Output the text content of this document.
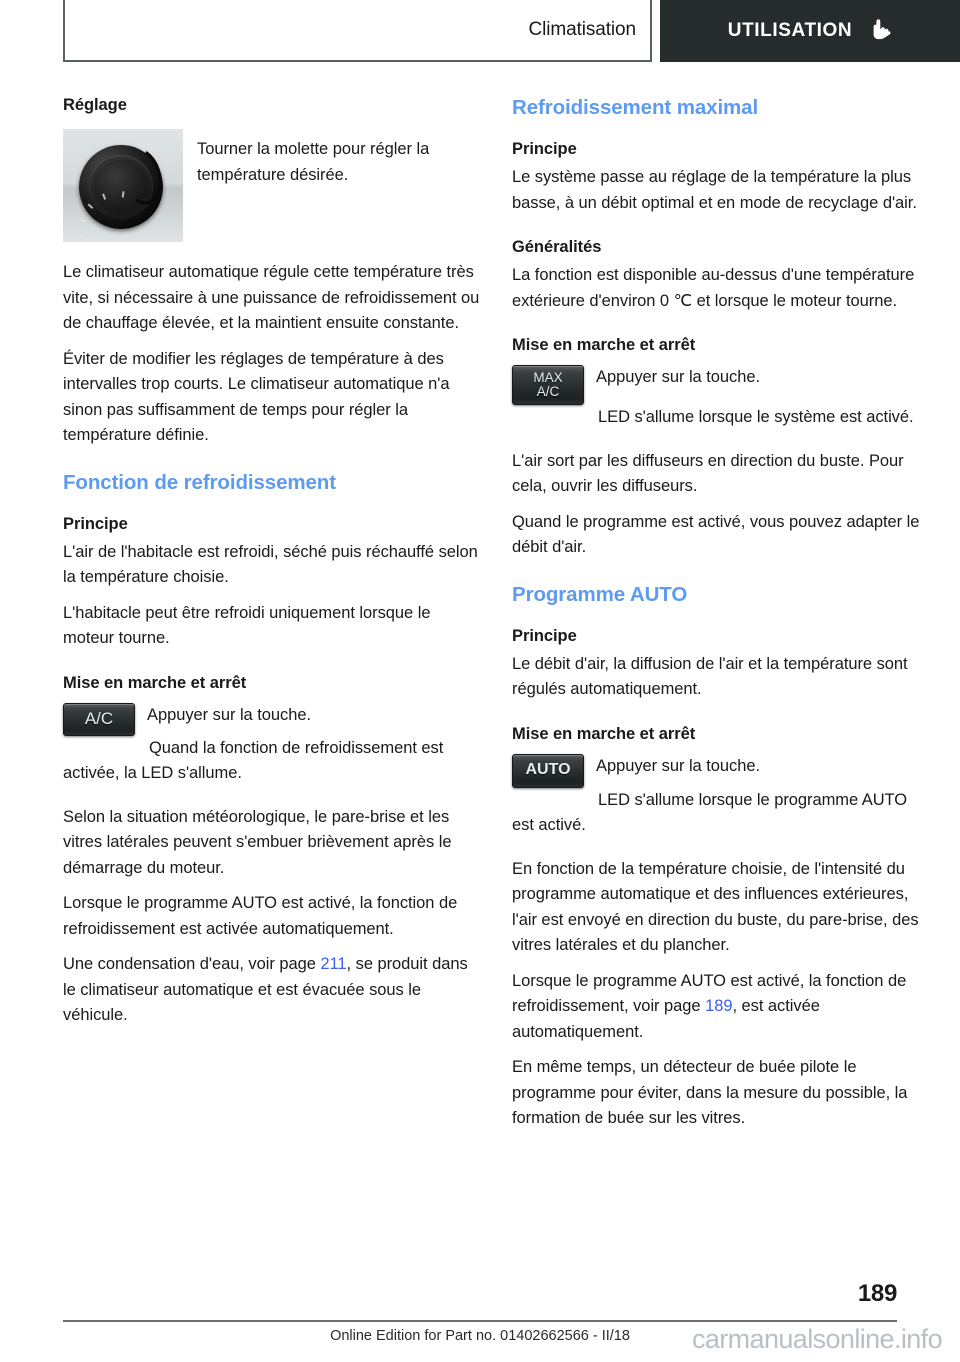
Climatisation	UTILISATION
Réglage

Tourner la molette pour régler la température désirée.

Le climatiseur automatique régule cette température très vite, si nécessaire à une puissance de refroidissement ou de chauffage élevée, et la maintient ensuite constante.

Éviter de modifier les réglages de température à des intervalles trop courts. Le climatiseur automatique n'a sinon pas suffisamment de temps pour régler la température définie.

Fonction de refroidissement
Principe

L'air de l'habitacle est refroidi, séché puis réchauffé selon la température choisie.

L'habitacle peut être refroidi uniquement lorsque le moteur tourne.

Mise en marche et arrêt
A/C Appuyer sur la touche.

Quand la fonction de refroidissement est activée, la LED s'allume.

Selon la situation météorologique, le pare-brise et les vitres latérales peuvent s'embuer brièvement après le démarrage du moteur.

Lorsque le programme AUTO est activé, la fonction de refroidissement est activée automatiquement.

Une condensation d'eau, voir page 211, se produit dans le climatiseur automatique et est évacuée sous le véhicule.

Refroidissement maximal
Principe

Le système passe au réglage de la température la plus basse, à un débit optimal et en mode de recyclage d'air.

Généralités

La fonction est disponible au-dessus d'une température extérieure d'environ 0 ℃ et lorsque le moteur tourne.

Mise en marche et arrêt
MAX
A/C

Appuyer sur la touche.

LED s'allume lorsque le système est activé.

L'air sort par les diffuseurs en direction du buste. Pour cela, ouvrir les diffuseurs.

Quand le programme est activé, vous pouvez adapter le débit d'air.

Programme AUTO
Principe

Le débit d'air, la diffusion de l'air et la température sont régulés automatiquement.

Mise en marche et arrêt
AUTO Appuyer sur la touche.

LED s'allume lorsque le programme AUTO est activé.

En fonction de la température choisie, de l'intensité du programme automatique et des influences extérieures, l'air est envoyé en direction du buste, du pare-brise, des vitres latérales et du plancher.

Lorsque le programme AUTO est activé, la fonction de refroidissement, voir page 189, est activée automatiquement.

En même temps, un détecteur de buée pilote le programme pour éviter, dans la mesure du possible, la formation de buée sur les vitres.

189
Online Edition for Part no. 01402662566 - II/18	carmanualsonline.info
